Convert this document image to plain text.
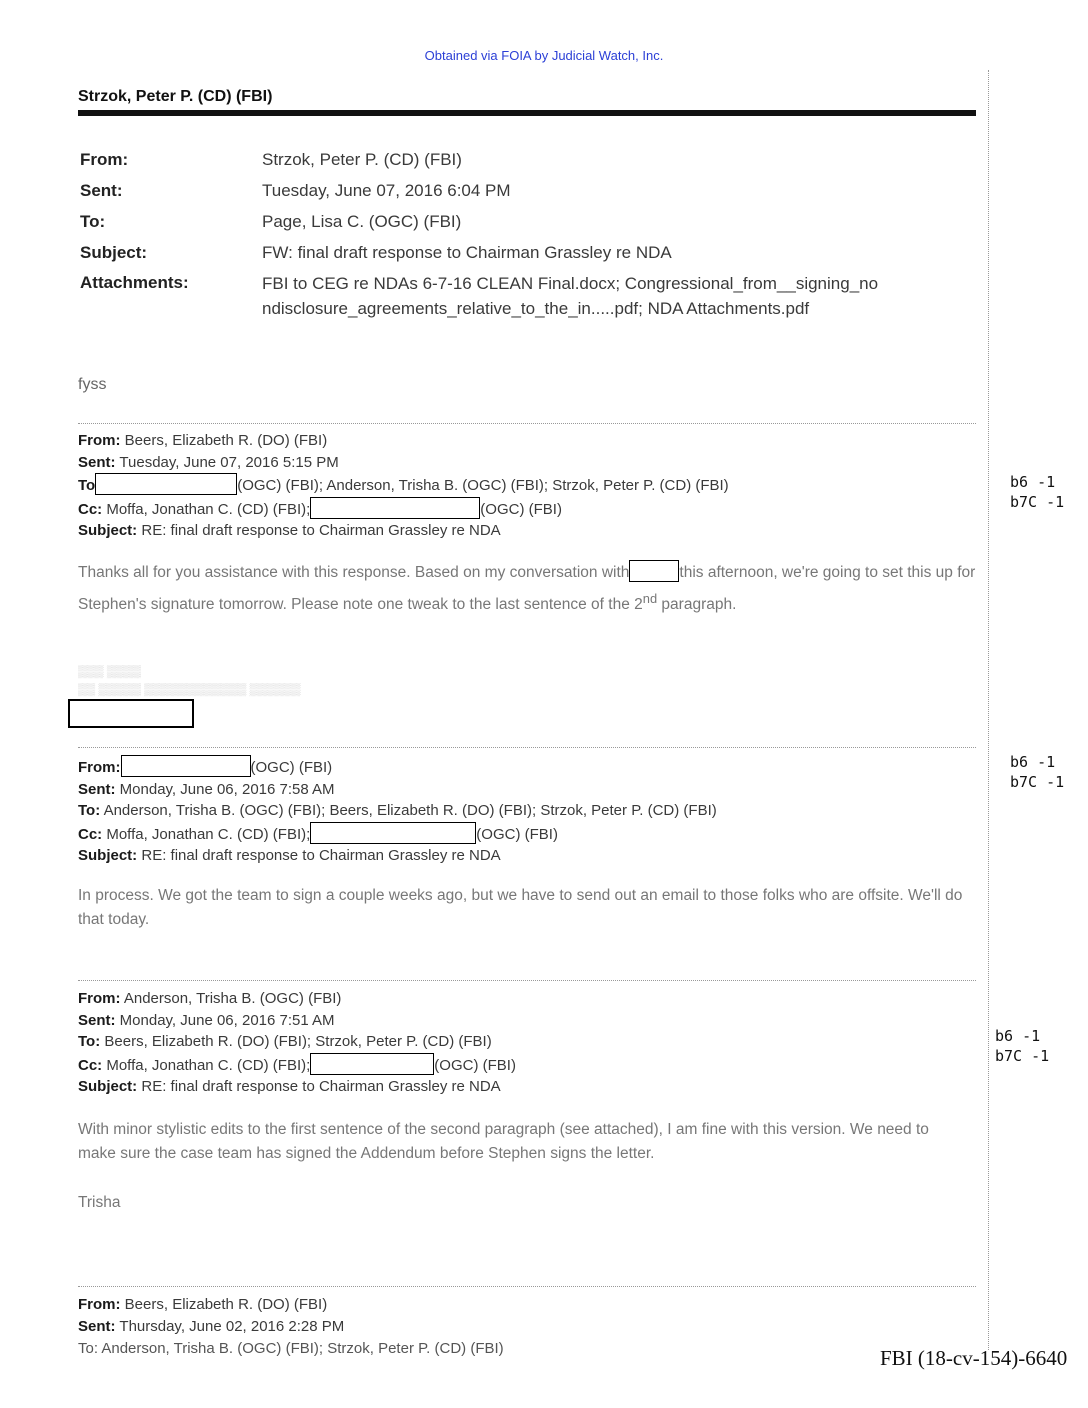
Obtained via FOIA by Judicial Watch, Inc.
Strzok, Peter P. (CD) (FBI)
From:	Strzok, Peter P. (CD) (FBI)
Sent:	Tuesday, June 07, 2016 6:04 PM
To:	Page, Lisa C. (OGC) (FBI)
Subject:	FW: final draft response to Chairman Grassley re NDA
Attachments:	FBI to CEG re NDAs 6-7-16 CLEAN Final.docx; Congressional_from__signing_no
ndisclosure_agreements_relative_to_the_in.....pdf; NDA Attachments.pdf
fyss
From: Beers, Elizabeth R. (DO) (FBI)
Sent: Tuesday, June 07, 2016 5:15 PM
To	(OGC) (FBI); Anderson, Trisha B. (OGC) (FBI); Strzok, Peter P. (CD) (FBI)
Cc: Moffa, Jonathan C. (CD) (FBI);	(OGC) (FBI)
Subject: RE: final draft response to Chairman Grassley re NDA
Thanks all for you assistance with this response. Based on my conversation with	this afternoon, we're going to set this up for Stephen's signature tomorrow. Please note one tweak to the last sentence of the 2nd paragraph.
▒▒▒ ▒▒▒▒
▒▒ ▒▒▒▒▒ ▒▒▒▒▒▒▒▒▒▒▒▒ ▒▒▒▒▒▒
b6 -1
b7C -1
From:	(OGC) (FBI)
Sent: Monday, June 06, 2016 7:58 AM
To: Anderson, Trisha B. (OGC) (FBI); Beers, Elizabeth R. (DO) (FBI); Strzok, Peter P. (CD) (FBI)
Cc: Moffa, Jonathan C. (CD) (FBI);	(OGC) (FBI)
Subject: RE: final draft response to Chairman Grassley re NDA
In process. We got the team to sign a couple weeks ago, but we have to send out an email to those folks who are offsite. We'll do that today.
b6 -1
b7C -1
From: Anderson, Trisha B. (OGC) (FBI)
Sent: Monday, June 06, 2016 7:51 AM
To: Beers, Elizabeth R. (DO) (FBI); Strzok, Peter P. (CD) (FBI)
Cc: Moffa, Jonathan C. (CD) (FBI);	(OGC) (FBI)
Subject: RE: final draft response to Chairman Grassley re NDA
With minor stylistic edits to the first sentence of the second paragraph (see attached), I am fine with this version. We need to make sure the case team has signed the Addendum before Stephen signs the letter.
Trisha
b6 -1
b7C -1
From: Beers, Elizabeth R. (DO) (FBI)
Sent: Thursday, June 02, 2016 2:28 PM
To: Anderson, Trisha B. (OGC) (FBI); Strzok, Peter P. (CD) (FBI)	FBI (18-cv-154)-6640
